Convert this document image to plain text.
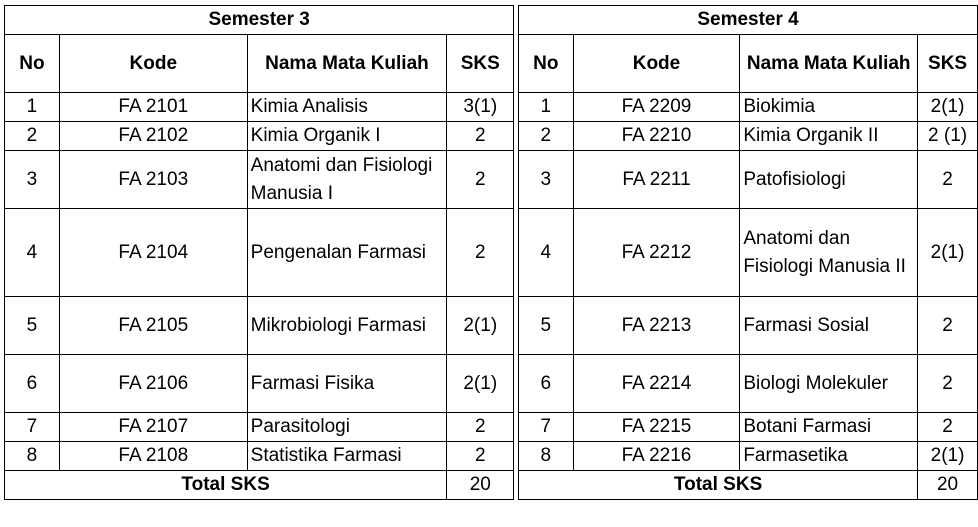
Semester 3			
No	Kode	Nama Mata Kuliah	SKS
1	FA 2101	Kimia Analisis	3(1)
2	FA 2102	Kimia Organik I	2
3	FA 2103	Anatomi dan Fisiologi Manusia I	2
4	FA 2104	Pengenalan Farmasi	2
5	FA 2105	Mikrobiologi Farmasi	2(1)
6	FA 2106	Farmasi Fisika	2(1)
7	FA 2107	Parasitologi	2
8	FA 2108	Statistika Farmasi	2
Total SKS			20
Semester 4			
No	Kode	Nama Mata Kuliah	SKS
1	FA 2209	Biokimia	2(1)
2	FA 2210	Kimia Organik II	2 (1)
3	FA 2211	Patofisiologi	2
4	FA 2212	Anatomi dan Fisiologi Manusia II	2(1)
5	FA 2213	Farmasi Sosial	2
6	FA 2214	Biologi Molekuler	2
7	FA 2215	Botani Farmasi	2
8	FA 2216	Farmasetika	2(1)
Total SKS			20
